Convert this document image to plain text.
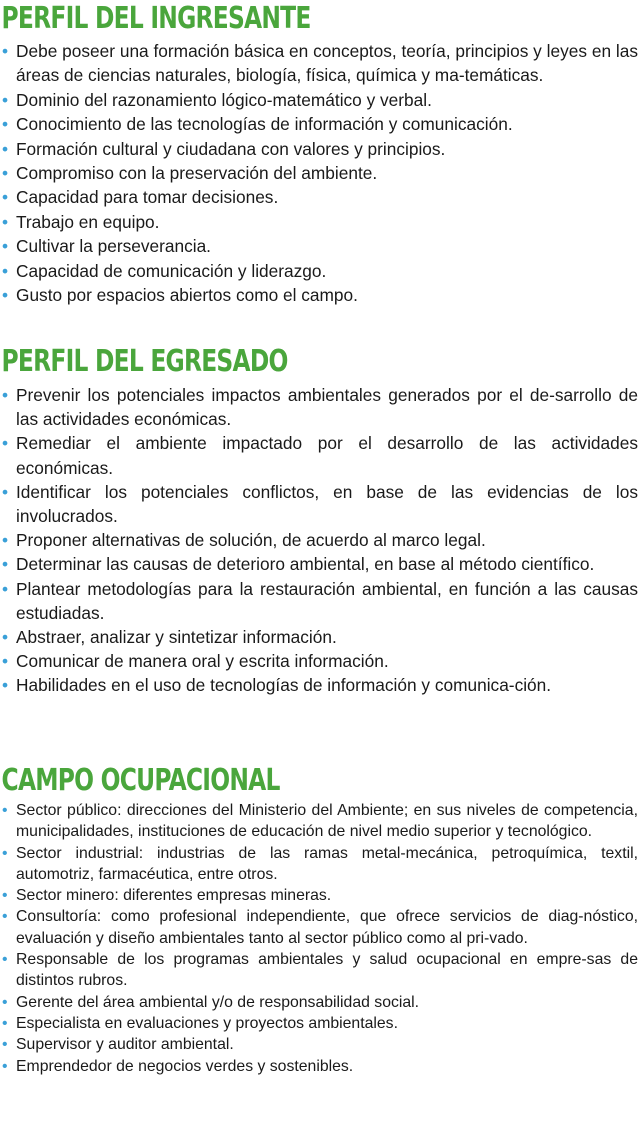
PERFIL DEL INGRESANTE
• Debe poseer una formación básica en conceptos, teoría, principios y leyes en las áreas de ciencias naturales, biología, física, química y ma-temáticas.
• Dominio del razonamiento lógico-matemático y verbal.
• Conocimiento de las tecnologías de información y comunicación.
• Formación cultural y ciudadana con valores y principios.
• Compromiso con la preservación del ambiente.
• Capacidad para tomar decisiones.
• Trabajo en equipo.
• Cultivar la perseverancia.
• Capacidad de comunicación y liderazgo.
• Gusto por espacios abiertos como el campo.
PERFIL DEL EGRESADO
• Prevenir los potenciales impactos ambientales generados por el de-sarrollo de las actividades económicas.
• Remediar el ambiente impactado por el desarrollo de las actividades económicas.
• Identificar los potenciales conflictos, en base de las evidencias de los involucrados.
• Proponer alternativas de solución, de acuerdo al marco legal.
• Determinar las causas de deterioro ambiental, en base al método científico.
• Plantear metodologías para la restauración ambiental, en función a las causas estudiadas.
• Abstraer, analizar y sintetizar información.
• Comunicar de manera oral y escrita información.
• Habilidades en el uso de tecnologías de información y comunica-ción.
CAMPO OCUPACIONAL
• Sector público: direcciones del Ministerio del Ambiente; en sus niveles de competencia, municipalidades, instituciones de educación de nivel medio superior y tecnológico.
• Sector industrial: industrias de las ramas metal-mecánica, petroquímica, textil, automotriz, farmacéutica, entre otros.
• Sector minero: diferentes empresas mineras.
• Consultoría: como profesional independiente, que ofrece servicios de diag-nóstico, evaluación y diseño ambientales tanto al sector público como al pri-vado.
• Responsable de los programas ambientales y salud ocupacional en empre-sas de distintos rubros.
• Gerente del área ambiental y/o de responsabilidad social.
• Especialista en evaluaciones y proyectos ambientales.
• Supervisor y auditor ambiental.
• Emprendedor de negocios verdes y sostenibles.
